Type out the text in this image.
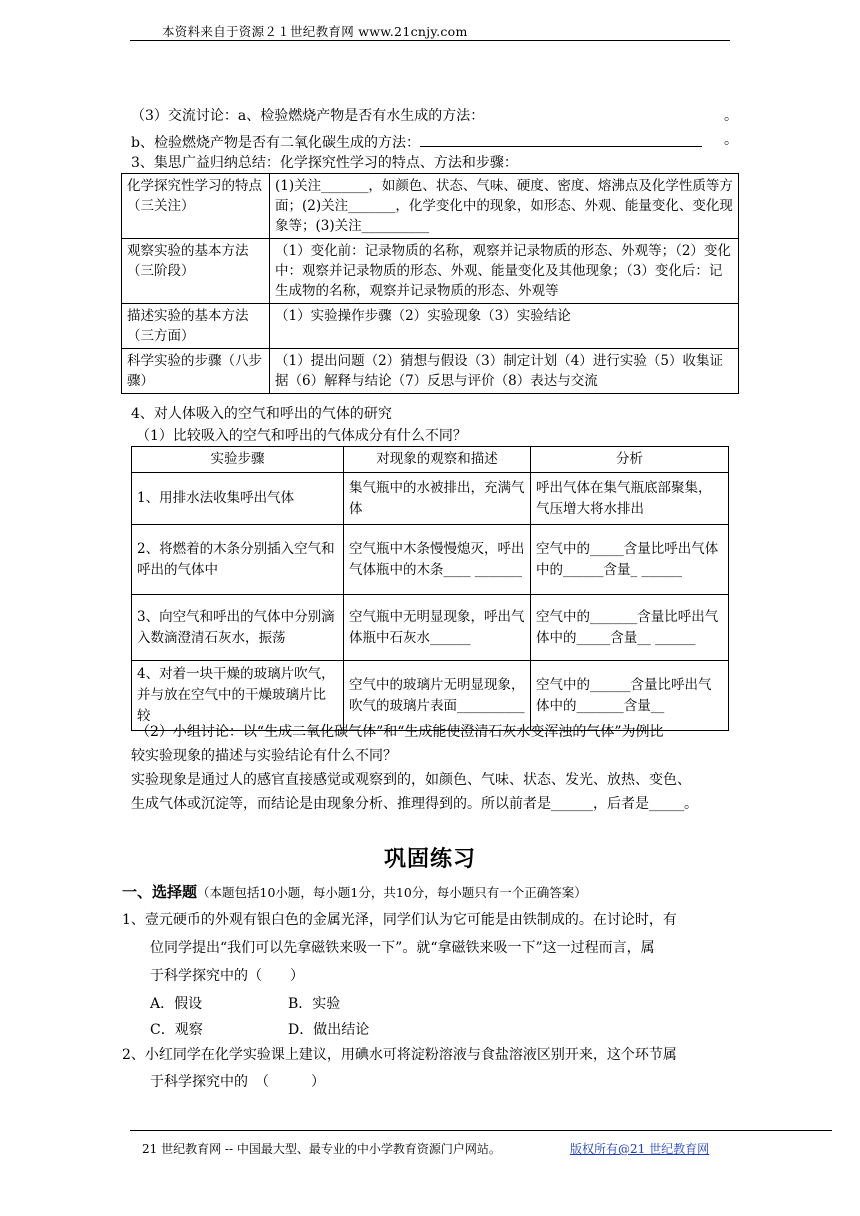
本资料来自于资源２１世纪教育网 www.21cnjy.com
（3）交流讨论：a、检验燃烧产物是否有水生成的方法：	。
b、检验燃烧产物是否有二氧化碳生成的方法：	。
3、集思广益归纳总结：化学探究性学习的特点、方法和步骤：
化学探究性学习的特点（三关注）	(1)关注_______，如颜色、状态、气味、硬度、密度、熔沸点及化学性质等方面；(2)关注_______，化学变化中的现象，如形态、外观、能量变化、变化现象等；(3)关注__________
观察实验的基本方法（三阶段）	（1）变化前：记录物质的名称，观察并记录物质的形态、外观等；（2）变化中：观察并记录物质的形态、外观、能量变化及其他现象；（3）变化后：记生成物的名称，观察并记录物质的形态、外观等
描述实验的基本方法（三方面）	（1）实验操作步骤（2）实验现象（3）实验结论
科学实验的步骤（八步骤）	（1）提出问题（2）猜想与假设（3）制定计划（4）进行实验（5）收集证据（6）解释与结论（7）反思与评价（8）表达与交流
4、对人体吸入的空气和呼出的气体的研究
（1）比较吸入的空气和呼出的气体成分有什么不同？
实验步骤	对现象的观察和描述	分析
1、用排水法收集呼出气体	集气瓶中的水被排出，充满气体	呼出气体在集气瓶底部聚集，气压增大将水排出
2、将燃着的木条分别插入空气和呼出的气体中	空气瓶中木条慢慢熄灭，呼出气体瓶中的木条____ _______	空气中的_____含量比呼出气体中的______含量_ ______
3、向空气和呼出的气体中分别滴入数滴澄清石灰水，振荡	空气瓶中无明显现象，呼出气体瓶中石灰水______	空气中的_______含量比呼出气体中的_____含量__ ______
4、对着一块干燥的玻璃片吹气，并与放在空气中的干燥玻璃片比较	空气中的玻璃片无明显现象，吹气的玻璃片表面__________	空气中的______含量比呼出气体中的_______含量__
（2）小组讨论：以“生成二氧化碳气体”和“生成能使澄清石灰水变浑浊的气体”为例比
较实验现象的描述与实验结论有什么不同？
实验现象是通过人的感官直接感觉或观察到的，如颜色、气味、状态、发光、放热、变色、
生成气体或沉淀等，而结论是由现象分析、推理得到的。所以前者是______，后者是_____。
巩固练习
一、选择题（本题包括10小题，每小题1分，共10分，每小题只有一个正确答案）
1、壹元硬币的外观有银白色的金属光泽，同学们认为它可能是由铁制成的。在讨论时，有
位同学提出“我们可以先拿磁铁来吸一下”。就“拿磁铁来吸一下”这一过程而言，属
于科学探究中的（　　）
A．假设	B．实验
C．观察	D．做出结论
2、小红同学在化学实验课上建议，用碘水可将淀粉溶液与食盐溶液区别开来，这个环节属
于科学探究中的　（　　　）
21 世纪教育网 -- 中国最大型、最专业的中小学教育资源门户网站。	版权所有@21 世纪教育网
